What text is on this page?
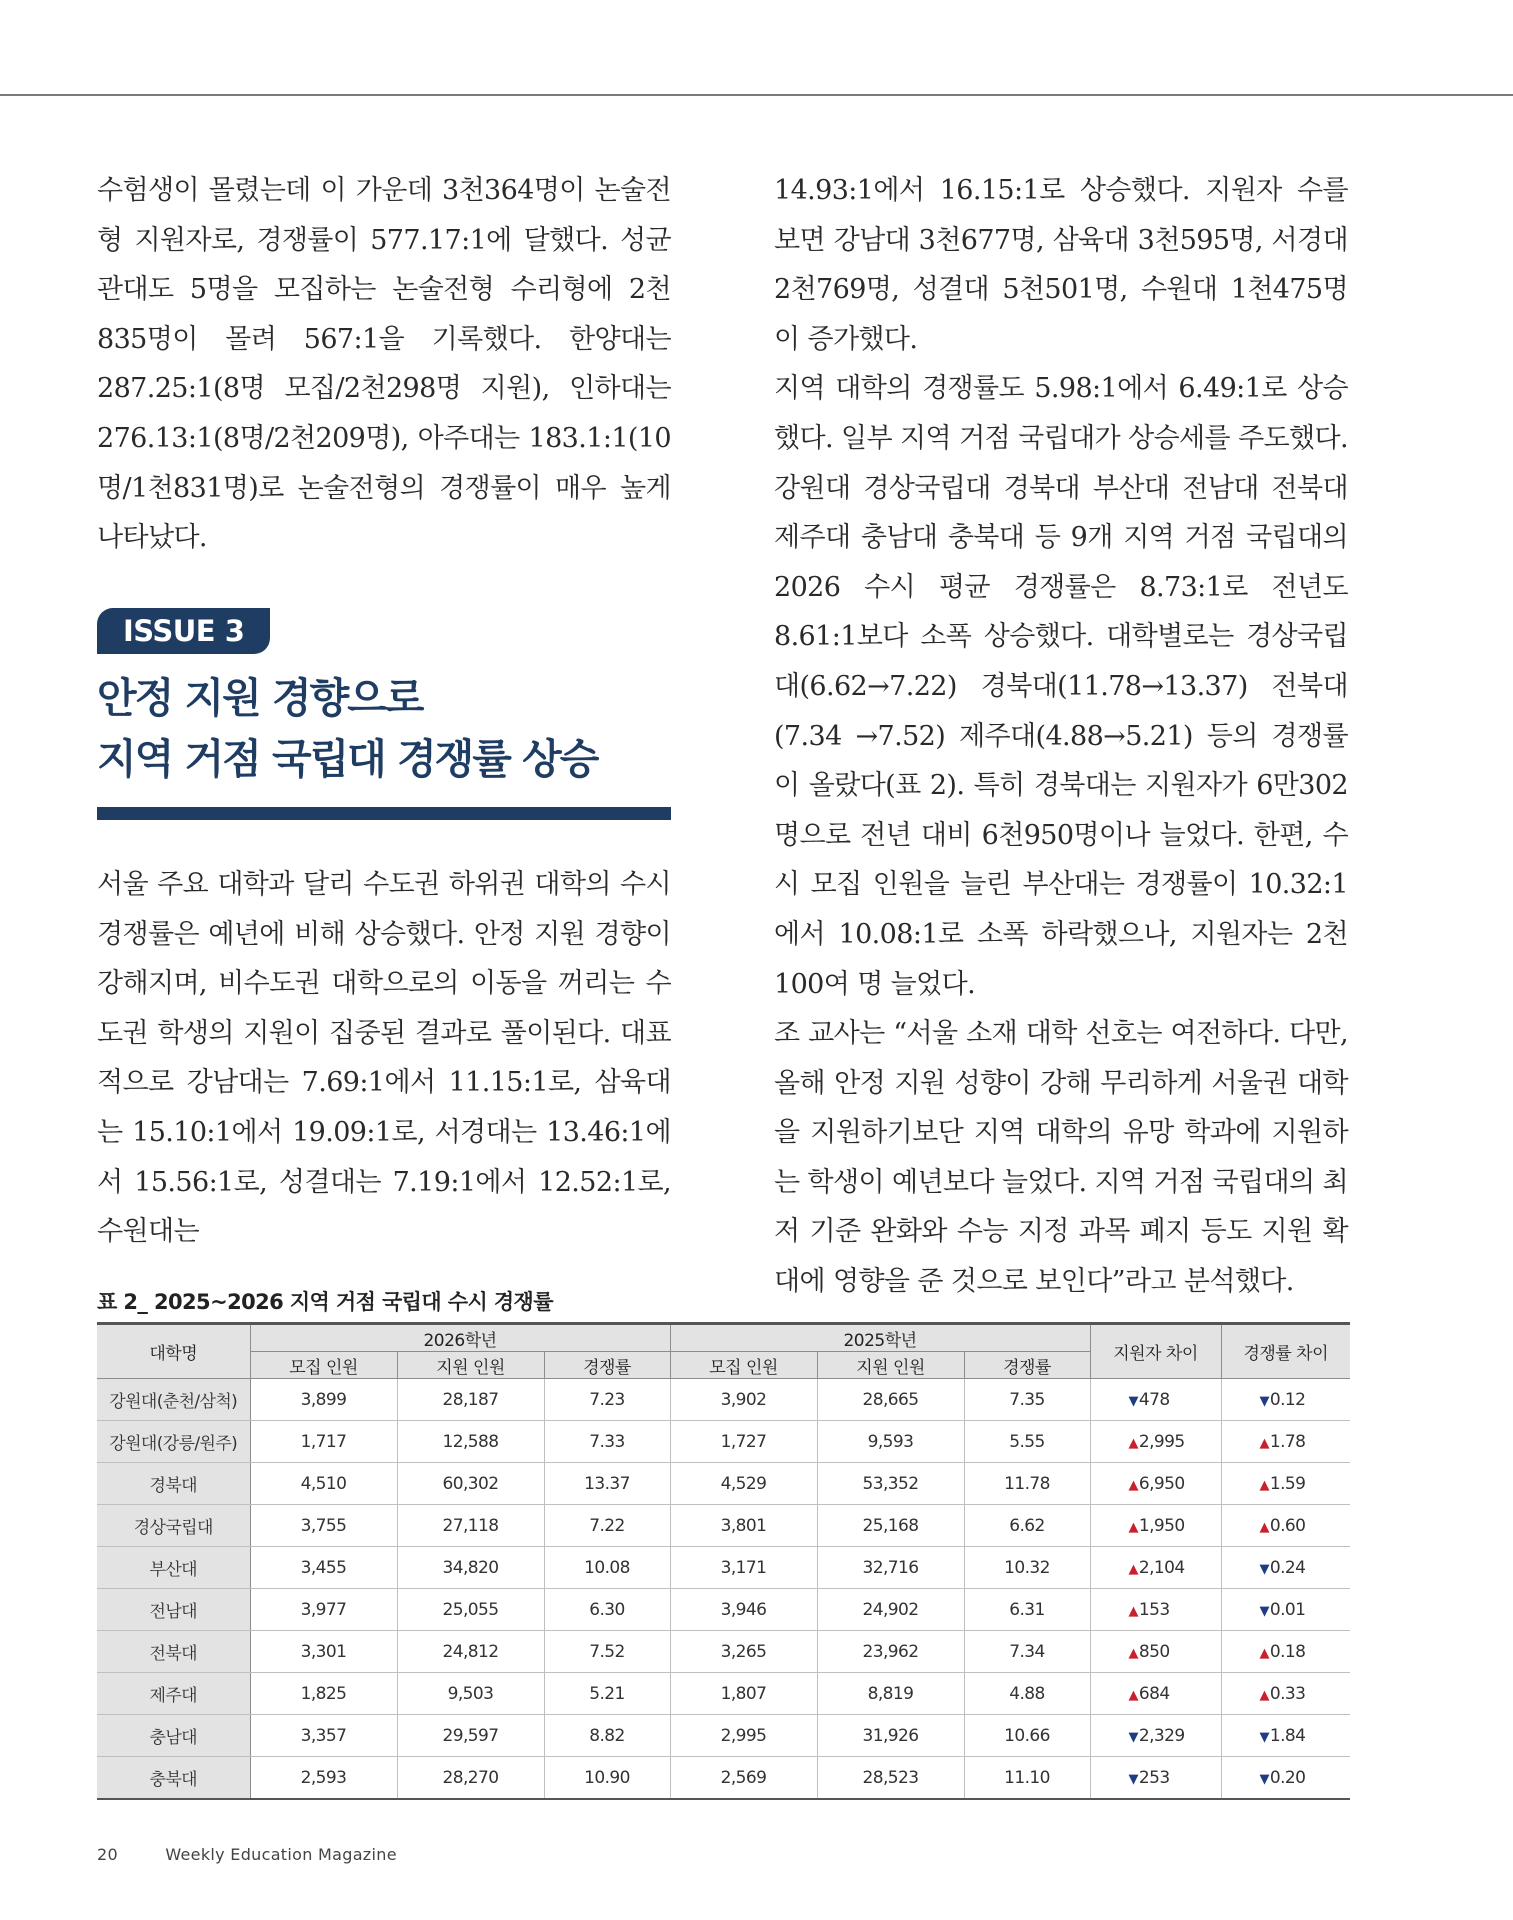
수험생이 몰렸는데 이 가운데 3천364명이 논술전형 지원자로, 경쟁률이 577.17:1에 달했다. 성균관대도 5명을 모집하는 논술전형 수리형에 2천835명이 몰려 567:1을 기록했다. 한양대는 287.25:1(8명 모집/2천298명 지원), 인하대는 276.13:1(8명/2천209명), 아주대는 183.1:1(10명/1천831명)로 논술전형의 경쟁률이 매우 높게 나타났다.

ISSUE 3
안정 지원 경향으로
지역 거점 국립대 경쟁률 상승

서울 주요 대학과 달리 수도권 하위권 대학의 수시 경쟁률은 예년에 비해 상승했다. 안정 지원 경향이 강해지며, 비수도권 대학으로의 이동을 꺼리는 수도권 학생의 지원이 집중된 결과로 풀이된다. 대표적으로 강남대는 7.69:1에서 11.15:1로, 삼육대는 15.10:1에서 19.09:1로, 서경대는 13.46:1에서 15.56:1로, 성결대는 7.19:1에서 12.52:1로, 수원대는

14.93:1에서 16.15:1로 상승했다. 지원자 수를 보면 강남대 3천677명, 삼육대 3천595명, 서경대 2천769명, 성결대 5천501명, 수원대 1천475명이 증가했다.

지역 대학의 경쟁률도 5.98:1에서 6.49:1로 상승했다. 일부 지역 거점 국립대가 상승세를 주도했다. 강원대 경상국립대 경북대 부산대 전남대 전북대 제주대 충남대 충북대 등 9개 지역 거점 국립대의 2026 수시 평균 경쟁률은 8.73:1로 전년도 8.61:1보다 소폭 상승했다. 대학별로는 경상국립대(6.62→7.22) 경북대(11.78→13.37) 전북대(7.34 →7.52) 제주대(4.88→5.21) 등의 경쟁률이 올랐다(표 2). 특히 경북대는 지원자가 6만302명으로 전년 대비 6천950명이나 늘었다. 한편, 수시 모집 인원을 늘린 부산대는 경쟁률이 10.32:1에서 10.08:1로 소폭 하락했으나, 지원자는 2천100여 명 늘었다.

조 교사는 “서울 소재 대학 선호는 여전하다. 다만, 올해 안정 지원 성향이 강해 무리하게 서울권 대학을 지원하기보단 지역 대학의 유망 학과에 지원하는 학생이 예년보다 늘었다. 지역 거점 국립대의 최저 기준 완화와 수능 지정 과목 폐지 등도 지원 확대에 영향을 준 것으로 보인다”라고 분석했다.

표 2_ 2025~2026 지역 거점 국립대 수시 경쟁률
대학명	2026학년			2025학년			지원자 차이	경쟁률 차이
	모집 인원	지원 인원	경쟁률	모집 인원	지원 인원	경쟁률		
강원대(춘천/삼척)	3,899	28,187	7.23	3,902	28,665	7.35	▼478	▼0.12
강원대(강릉/원주)	1,717	12,588	7.33	1,727	9,593	5.55	▲2,995	▲1.78
경북대	4,510	60,302	13.37	4,529	53,352	11.78	▲6,950	▲1.59
경상국립대	3,755	27,118	7.22	3,801	25,168	6.62	▲1,950	▲0.60
부산대	3,455	34,820	10.08	3,171	32,716	10.32	▲2,104	▼0.24
전남대	3,977	25,055	6.30	3,946	24,902	6.31	▲153	▼0.01
전북대	3,301	24,812	7.52	3,265	23,962	7.34	▲850	▲0.18
제주대	1,825	9,503	5.21	1,807	8,819	4.88	▲684	▲0.33
충남대	3,357	29,597	8.82	2,995	31,926	10.66	▼2,329	▼1.84
충북대	2,593	28,270	10.90	2,569	28,523	11.10	▼253	▼0.20
20	Weekly Education Magazine
